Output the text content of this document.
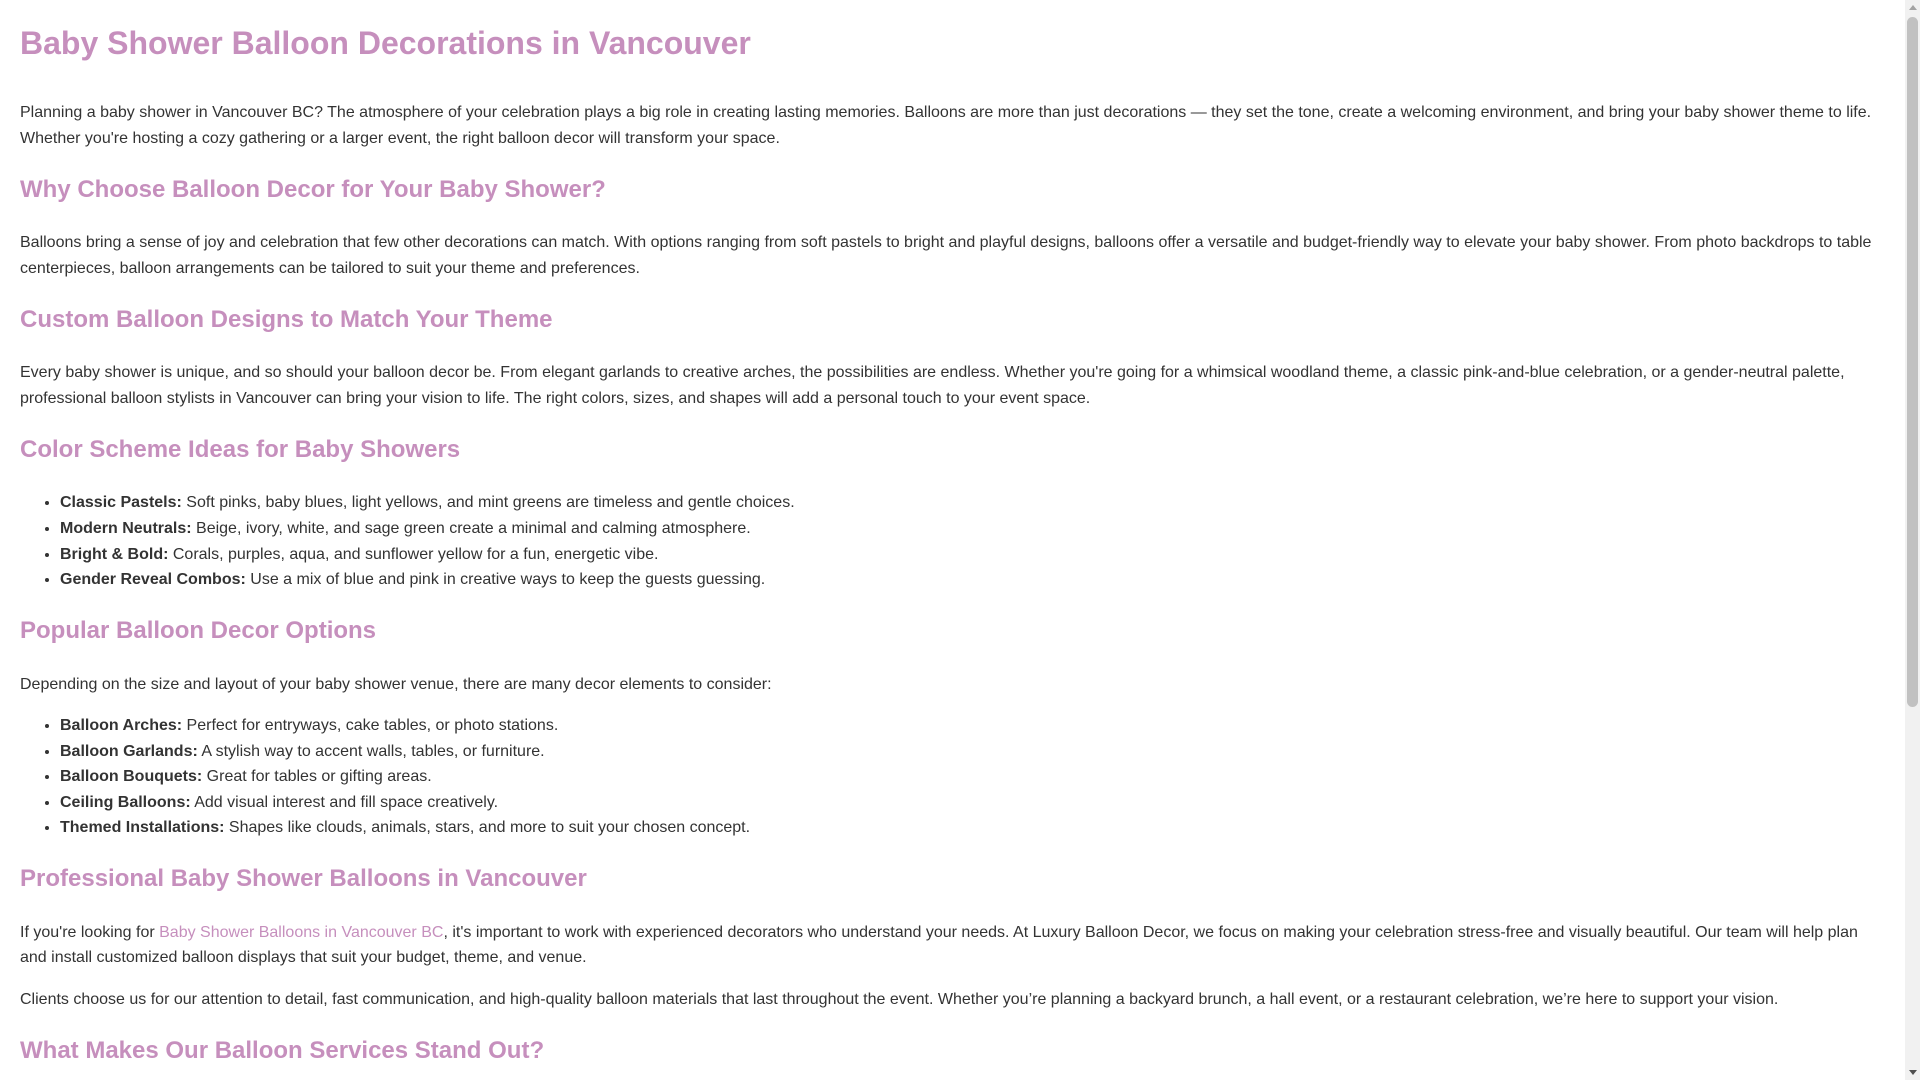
Baby Shower Balloon Decorations in Vancouver

Planning a baby shower in Vancouver BC? The atmosphere of your celebration plays a big role in creating lasting memories. Balloons are more than just decorations — they set the tone, create a welcoming environment, and bring your baby shower theme to life. Whether you're hosting a cozy gathering or a larger event, the right balloon decor will transform your space.

Why Choose Balloon Decor for Your Baby Shower?

Balloons bring a sense of joy and celebration that few other decorations can match. With options ranging from soft pastels to bright and playful designs, balloons offer a versatile and budget-friendly way to elevate your baby shower. From photo backdrops to table centerpieces, balloon arrangements can be tailored to suit your theme and preferences.

Custom Balloon Designs to Match Your Theme

Every baby shower is unique, and so should your balloon decor be. From elegant garlands to creative arches, the possibilities are endless. Whether you're going for a whimsical woodland theme, a classic pink-and-blue celebration, or a gender-neutral palette, professional balloon stylists in Vancouver can bring your vision to life. The right colors, sizes, and shapes will add a personal touch to your event space.

Color Scheme Ideas for Baby Showers
• Classic Pastels: Soft pinks, baby blues, light yellows, and mint greens are timeless and gentle choices.
• Modern Neutrals: Beige, ivory, white, and sage green create a minimal and calming atmosphere.
• Bright & Bold: Corals, purples, aqua, and sunflower yellow for a fun, energetic vibe.
• Gender Reveal Combos: Use a mix of blue and pink in creative ways to keep the guests guessing.
Popular Balloon Decor Options

Depending on the size and layout of your baby shower venue, there are many decor elements to consider:

• Balloon Arches: Perfect for entryways, cake tables, or photo stations.
• Balloon Garlands: A stylish way to accent walls, tables, or furniture.
• Balloon Bouquets: Great for tables or gifting areas.
• Ceiling Balloons: Add visual interest and fill space creatively.
• Themed Installations: Shapes like clouds, animals, stars, and more to suit your chosen concept.
Professional Baby Shower Balloons in Vancouver

If you're looking for Baby Shower Balloons in Vancouver BC, it's important to work with experienced decorators who understand your needs. At Luxury Balloon Decor, we focus on making your celebration stress-free and visually beautiful. Our team will help plan and install customized balloon displays that suit your budget, theme, and venue.

Clients choose us for our attention to detail, fast communication, and high-quality balloon materials that last throughout the event. Whether you’re planning a backyard brunch, a hall event, or a restaurant celebration, we’re here to support your vision.

What Makes Our Balloon Services Stand Out?
